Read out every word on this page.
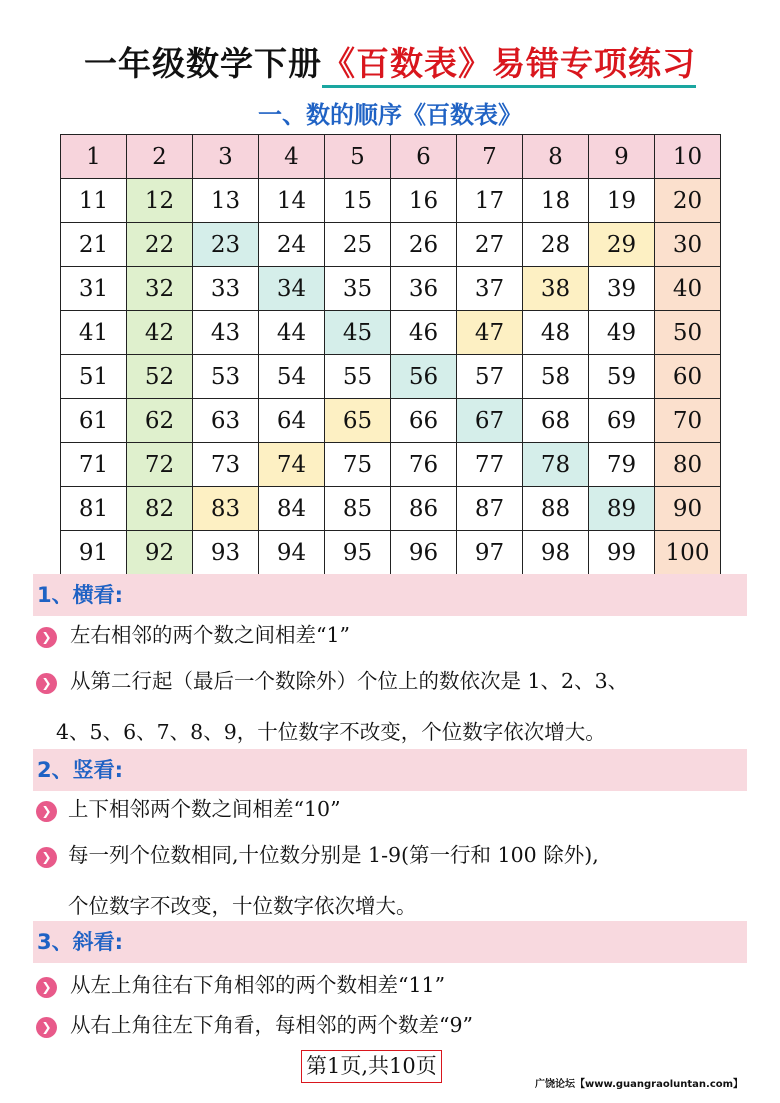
一年级数学下册《百数表》易错专项练习
一、数的顺序《百数表》
1	2	3	4	5	6	7	8	9	10
11	12	13	14	15	16	17	18	19	20
21	22	23	24	25	26	27	28	29	30
31	32	33	34	35	36	37	38	39	40
41	42	43	44	45	46	47	48	49	50
51	52	53	54	55	56	57	58	59	60
61	62	63	64	65	66	67	68	69	70
71	72	73	74	75	76	77	78	79	80
81	82	83	84	85	86	87	88	89	90
91	92	93	94	95	96	97	98	99	100
1、横看:
❯ 左右相邻的两个数之间相差“1”
❯ 从第二行起（最后一个数除外）个位上的数依次是 1、2、3、
4、5、6、7、8、9，十位数字不改变，个位数字依次增大。
2、竖看:
❯ 上下相邻两个数之间相差“10”
❯ 每一列个位数相同,十位数分别是 1-9(第一行和 100 除外),
个位数字不改变，十位数字依次增大。
3、斜看:
❯ 从左上角往右下角相邻的两个数相差“11”
❯ 从右上角往左下角看，每相邻的两个数差“9”
第1页,共10页
广饶论坛【www.guangraoluntan.com】
